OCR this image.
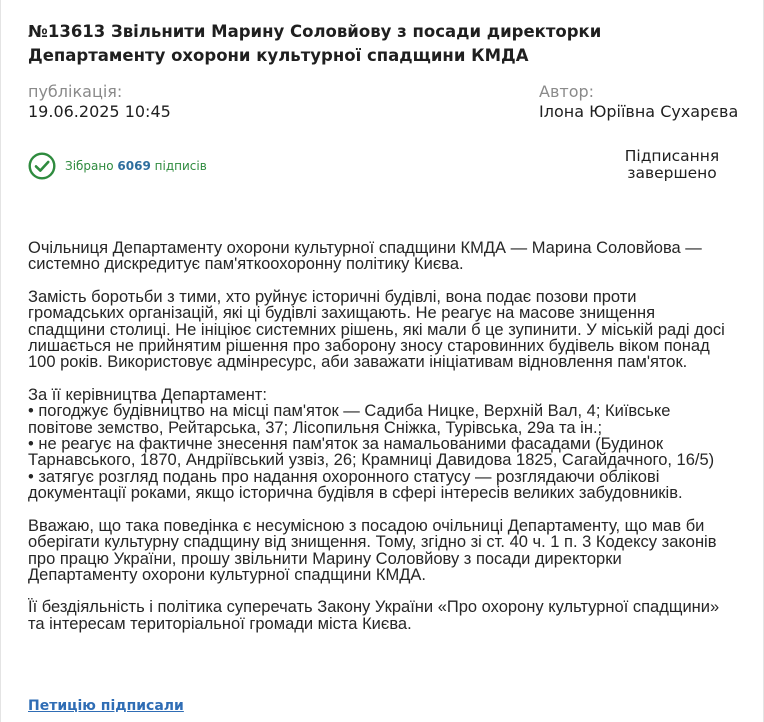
№13613 Звільнити Марину Соловйову з посади директорки Департаменту охорони культурної спадщини КМДА
публікація:
19.06.2025 10:45
Автор:
Ілона Юріївна Сухарєва
Зібрано 6069 підписів
Підписання
завершено

Очільниця Департаменту охорони культурної спадщини КМДА — Марина Соловйова — системно дискредитує пам'яткоохоронну політику Києва.

Замість боротьби з тими, хто руйнує історичні будівлі, вона подає позови проти громадських організацій, які ці будівлі захищають. Не реагує на масове знищення спадщини столиці. Не ініціює системних рішень, які мали б це зупинити. У міській раді досі лишається не прийнятим рішення про заборону зносу старовинних будівель віком понад 100 років. Використовує адмінресурс, аби заважати ініціативам відновлення пам'яток.

За її керівництва Департамент:
• погоджує будівництво на місці пам'яток — Садиба Ницке, Верхній Вал, 4; Київське повітове земство, Рейтарська, 37; Лісопильня Сніжка, Турівська, 29а та ін.;
• не реагує на фактичне знесення пам'яток за намальованими фасадами (Будинок Тарнавського, 1870, Андріївський узвіз, 26; Крамниці Давидова 1825, Сагайдачного, 16/5)
• затягує розгляд подань про надання охоронного статусу — розглядаючи облікові документації роками, якщо історична будівля в сфері інтересів великих забудовників.

Вважаю, що така поведінка є несумісною з посадою очільниці Департаменту, що мав би оберігати культурну спадщину від знищення. Тому, згідно зі ст. 40 ч. 1 п. 3 Кодексу законів про працю України, прошу звільнити Марину Соловйову з посади директорки Департаменту охорони культурної спадщини КМДА.

Її бездіяльність і політика суперечать Закону України «Про охорону культурної спадщини» та інтересам територіальної громади міста Києва.

Петицію підписали
